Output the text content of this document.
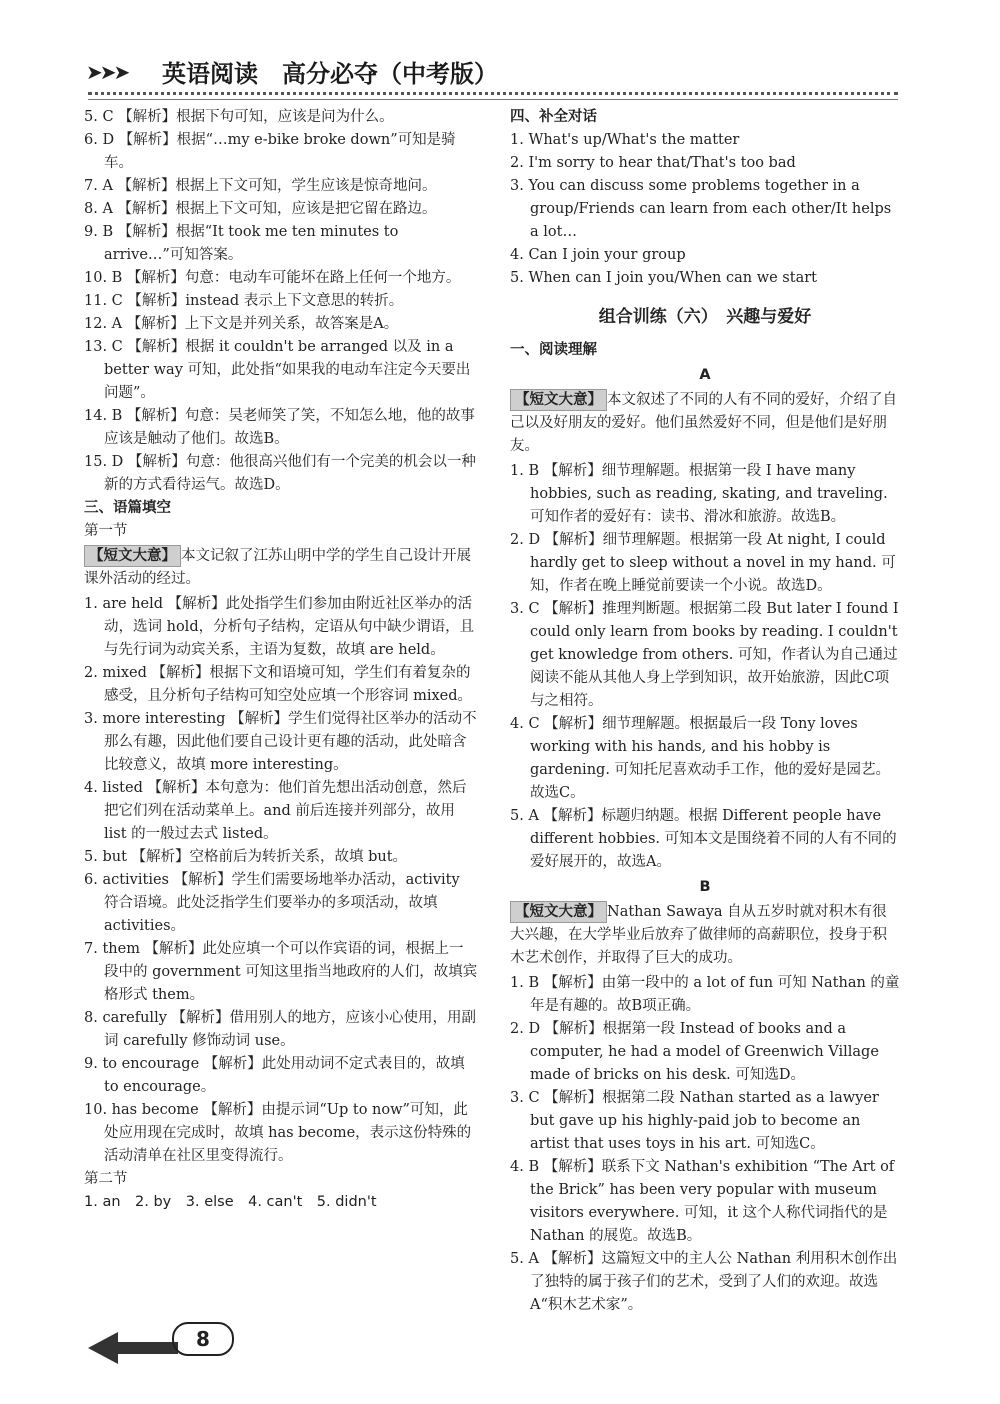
➤➤➤ 英语阅读　高分必夺（中考版）

5. C 【解析】根据下句可知，应该是问为什么。

6. D 【解析】根据“…my e-bike broke down”可知是骑车。

7. A 【解析】根据上下文可知，学生应该是惊奇地问。

8. A 【解析】根据上下文可知，应该是把它留在路边。

9. B 【解析】根据“It took me ten minutes to arrive…”可知答案。

10. B 【解析】句意：电动车可能坏在路上任何一个地方。

11. C 【解析】instead 表示上下文意思的转折。

12. A 【解析】上下文是并列关系，故答案是A。

13. C 【解析】根据 it couldn't be arranged 以及 in a better way 可知，此处指“如果我的电动车注定今天要出问题”。

14. B 【解析】句意：吴老师笑了笑，不知怎么地，他的故事应该是触动了他们。故选B。

15. D 【解析】句意：他很高兴他们有一个完美的机会以一种新的方式看待运气。故选D。

三、语篇填空

第一节

【短文大意】 本文记叙了江苏山明中学的学生自己设计开展课外活动的经过。

1. are held 【解析】此处指学生们参加由附近社区举办的活动，选词 hold，分析句子结构，定语从句中缺少谓语，且与先行词为动宾关系，主语为复数，故填 are held。

2. mixed 【解析】根据下文和语境可知，学生们有着复杂的感受，且分析句子结构可知空处应填一个形容词 mixed。

3. more interesting 【解析】学生们觉得社区举办的活动不那么有趣，因此他们要自己设计更有趣的活动，此处暗含比较意义，故填 more interesting。

4. listed 【解析】本句意为：他们首先想出活动创意，然后把它们列在活动菜单上。and 前后连接并列部分，故用 list 的一般过去式 listed。

5. but 【解析】空格前后为转折关系，故填 but。

6. activities 【解析】学生们需要场地举办活动，activity 符合语境。此处泛指学生们要举办的多项活动，故填 activities。

7. them 【解析】此处应填一个可以作宾语的词，根据上一段中的 government 可知这里指当地政府的人们，故填宾格形式 them。

8. carefully 【解析】借用别人的地方，应该小心使用，用副词 carefully 修饰动词 use。

9. to encourage 【解析】此处用动词不定式表目的，故填 to encourage。

10. has become 【解析】由提示词“Up to now”可知，此处应用现在完成时，故填 has become，表示这份特殊的活动清单在社区里变得流行。

第二节

1. an　2. by　3. else　4. can't　5. didn't

四、补全对话

1. What's up/What's the matter

2. I'm sorry to hear that/That's too bad

3. You can discuss some problems together in a group/Friends can learn from each other/It helps a lot…

4. Can I join your group

5. When can I join you/When can we start

组合训练（六）　兴趣与爱好

一、阅读理解

A

【短文大意】 本文叙述了不同的人有不同的爱好，介绍了自己以及好朋友的爱好。他们虽然爱好不同，但是他们是好朋友。

1. B 【解析】细节理解题。根据第一段 I have many hobbies, such as reading, skating, and traveling. 可知作者的爱好有：读书、滑冰和旅游。故选B。

2. D 【解析】细节理解题。根据第一段 At night, I could hardly get to sleep without a novel in my hand. 可知，作者在晚上睡觉前要读一个小说。故选D。

3. C 【解析】推理判断题。根据第二段 But later I found I could only learn from books by reading. I couldn't get knowledge from others. 可知，作者认为自己通过阅读不能从其他人身上学到知识，故开始旅游，因此C项与之相符。

4. C 【解析】细节理解题。根据最后一段 Tony loves working with his hands, and his hobby is gardening. 可知托尼喜欢动手工作，他的爱好是园艺。故选C。

5. A 【解析】标题归纳题。根据 Different people have different hobbies. 可知本文是围绕着不同的人有不同的爱好展开的，故选A。

B

【短文大意】 Nathan Sawaya 自从五岁时就对积木有很大兴趣，在大学毕业后放弃了做律师的高薪职位，投身于积木艺术创作，并取得了巨大的成功。

1. B 【解析】由第一段中的 a lot of fun 可知 Nathan 的童年是有趣的。故B项正确。

2. D 【解析】根据第一段 Instead of books and a computer, he had a model of Greenwich Village made of bricks on his desk. 可知选D。

3. C 【解析】根据第二段 Nathan started as a lawyer but gave up his highly-paid job to become an artist that uses toys in his art. 可知选C。

4. B 【解析】联系下文 Nathan's exhibition “The Art of the Brick” has been very popular with museum visitors everywhere. 可知，it 这个人称代词指代的是 Nathan 的展览。故选B。

5. A 【解析】这篇短文中的主人公 Nathan 利用积木创作出了独特的属于孩子们的艺术，受到了人们的欢迎。故选A“积木艺术家”。

8
